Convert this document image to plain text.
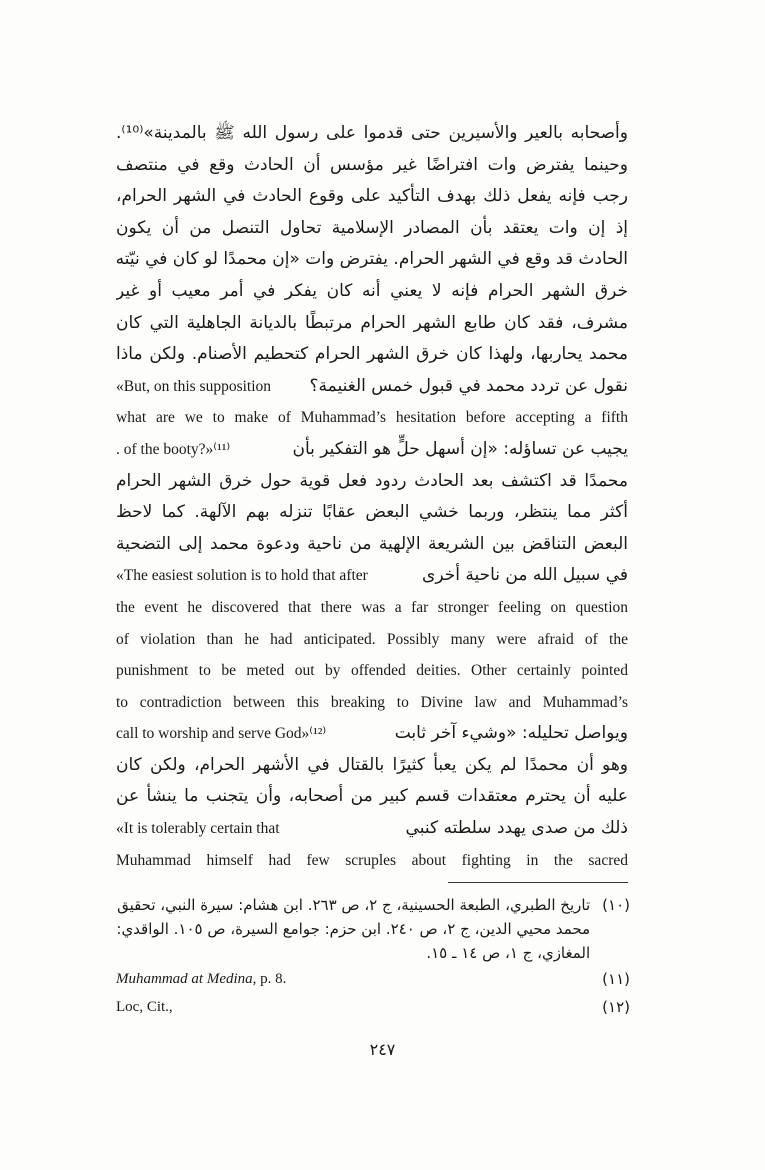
وأصحابه بالعير والأسيرين حتى قدموا على رسول الله ﷺ بالمدينة»⁽¹⁰⁾.
وحينما يفترض وات افتراضًا غير مؤسس أن الحادث وقع في منتصف
رجب فإنه يفعل ذلك بهدف التأكيد على وقوع الحادث في الشهر الحرام،
إذ إن وات يعتقد بأن المصادر الإسلامية تحاول التنصل من أن يكون
الحادث قد وقع في الشهر الحرام. يفترض وات «إن محمدًا لو كان في نيّته
خرق الشهر الحرام فإنه لا يعني أنه كان يفكر في أمر معيب أو غير
مشرف، فقد كان طابع الشهر الحرام مرتبطًا بالديانة الجاهلية التي كان
محمد يحاربها، ولهذا كان خرق الشهر الحرام كتحطيم الأصنام. ولكن ماذا
«But, on this supposition نقول عن تردد محمد في قبول خمس الغنيمة؟
what are we to make of Muhammad’s hesitation before accepting a fifth
. of the booty?»⁽¹¹⁾	يجيب عن تساؤله: «إن أسهل حلٍّ هو التفكير بأن
محمدًا قد اكتشف بعد الحادث ردود فعل قوية حول خرق الشهر الحرام
أكثر مما ينتظر، وربما خشي البعض عقابًا تنزله بهم الآلهة. كما لاحظ
البعض التناقض بين الشريعة الإلهية من ناحية ودعوة محمد إلى التضحية
«The easiest solution is to hold that after	في سبيل الله من ناحية أخرى
the event he discovered that there was a far stronger feeling on question
of violation than he had anticipated. Possibly many were afraid of the
punishment to be meted out by offended deities. Other certainly pointed
to contradiction between this breaking to Divine law and Muhammad’s
call to worship and serve God»⁽¹²⁾	ويواصل تحليله: «وشيء آخر ثابت
وهو أن محمدًا لم يكن يعبأ كثيرًا بالقتال في الأشهر الحرام، ولكن كان
عليه أن يحترم معتقدات قسم كبير من أصحابه، وأن يتجنب ما ينشأ عن
«It is tolerably certain that	ذلك من صدى يهدد سلطته كنبي
Muhammad himself had few scruples about fighting in the sacred
(١٠)
تاريخ الطبري، الطبعة الحسينية، ج ٢، ص ٢٦٣. ابن هشام: سيرة النبي، تحقيق محمد محيي الدين، ج ٢، ص ٢٤٠. ابن حزم: جوامع السيرة، ص ١٠٥. الواقدي: المغازي، ج ١، ص ١٤ ـ ١٥.
Muhammad at Medina, p. 8.	(١١)
Loc, Cit.,	(١٢)
٢٤٧
